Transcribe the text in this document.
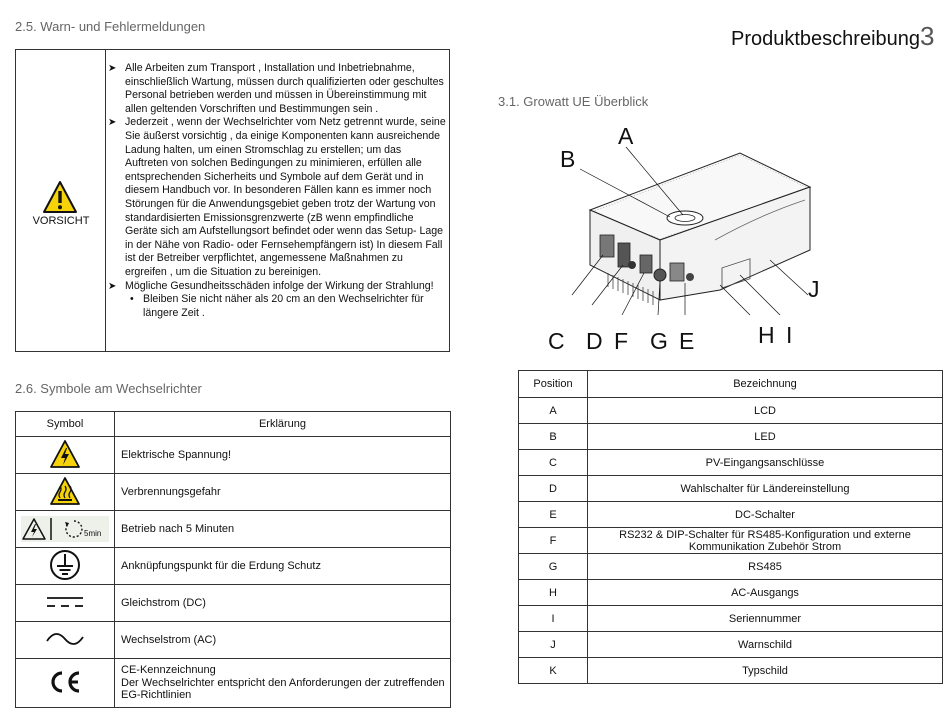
2.5. Warn- und Fehlermeldungen
Produktbeschreibung 3
3.1. Growatt UE Überblick
2.6. Symbole am Wechselrichter
VORSICHT
➤ Alle Arbeiten zum Transport , Installation und Inbetriebnahme, einschließlich Wartung, müssen durch qualifizierten oder geschultes Personal betrieben werden und müssen in Übereinstimmung mit allen geltenden Vorschriften und Bestimmungen sein .
➤ Jederzeit , wenn der Wechselrichter vom Netz getrennt wurde, seine Sie äußerst vorsichtig , da einige Komponenten kann ausreichende Ladung halten, um einen Stromschlag zu erstellen; um das Auftreten von solchen Bedingungen zu minimieren, erfüllen alle entsprechenden Sicherheits und Symbole auf dem Gerät und in diesem Handbuch vor. In besonderen Fällen kann es immer noch Störungen für die Anwendungsgebiet geben trotz der Wartung von standardisierten Emissionsgrenzwerte (zB wenn empfindliche Geräte sich am Aufstellungsort befindet oder wenn das Setup- Lage in der Nähe von Radio- oder Fernsehempfängern ist) In diesem Fall ist der Betreiber verpflichtet, angemessene Maßnahmen zu ergreifen , um die Situation zu bereinigen.
➤ Mögliche Gesundheitsschäden infolge der Wirkung der Strahlung!
• Bleiben Sie nicht näher als 20 cm an den Wechselrichter für längere Zeit .
Symbol	Erklärung
	Elektrische Spannung!
	Verbrennungsgefahr

5min	Betrieb nach 5 Minuten
	Anknüpfungspunkt für die Erdung Schutz
	Gleichstrom (DC)
	Wechselstrom (AC)

CE-Kennzeichnung
Der Wechselrichter entspricht den Anforderungen der zutreffenden EG-Richtlinien
A
B
C D F G E	H I
J
Position	Bezeichnung
A	LCD
B	LED
C	PV-Eingangsanschlüsse
D	Wahlschalter für Ländereinstellung
E	DC-Schalter
F	RS232 & DIP-Schalter für RS485-Konfiguration und externe Kommunikation Zubehör Strom
G	RS485
H	AC-Ausgangs
I	Seriennummer
J	Warnschild
K	Typschild
